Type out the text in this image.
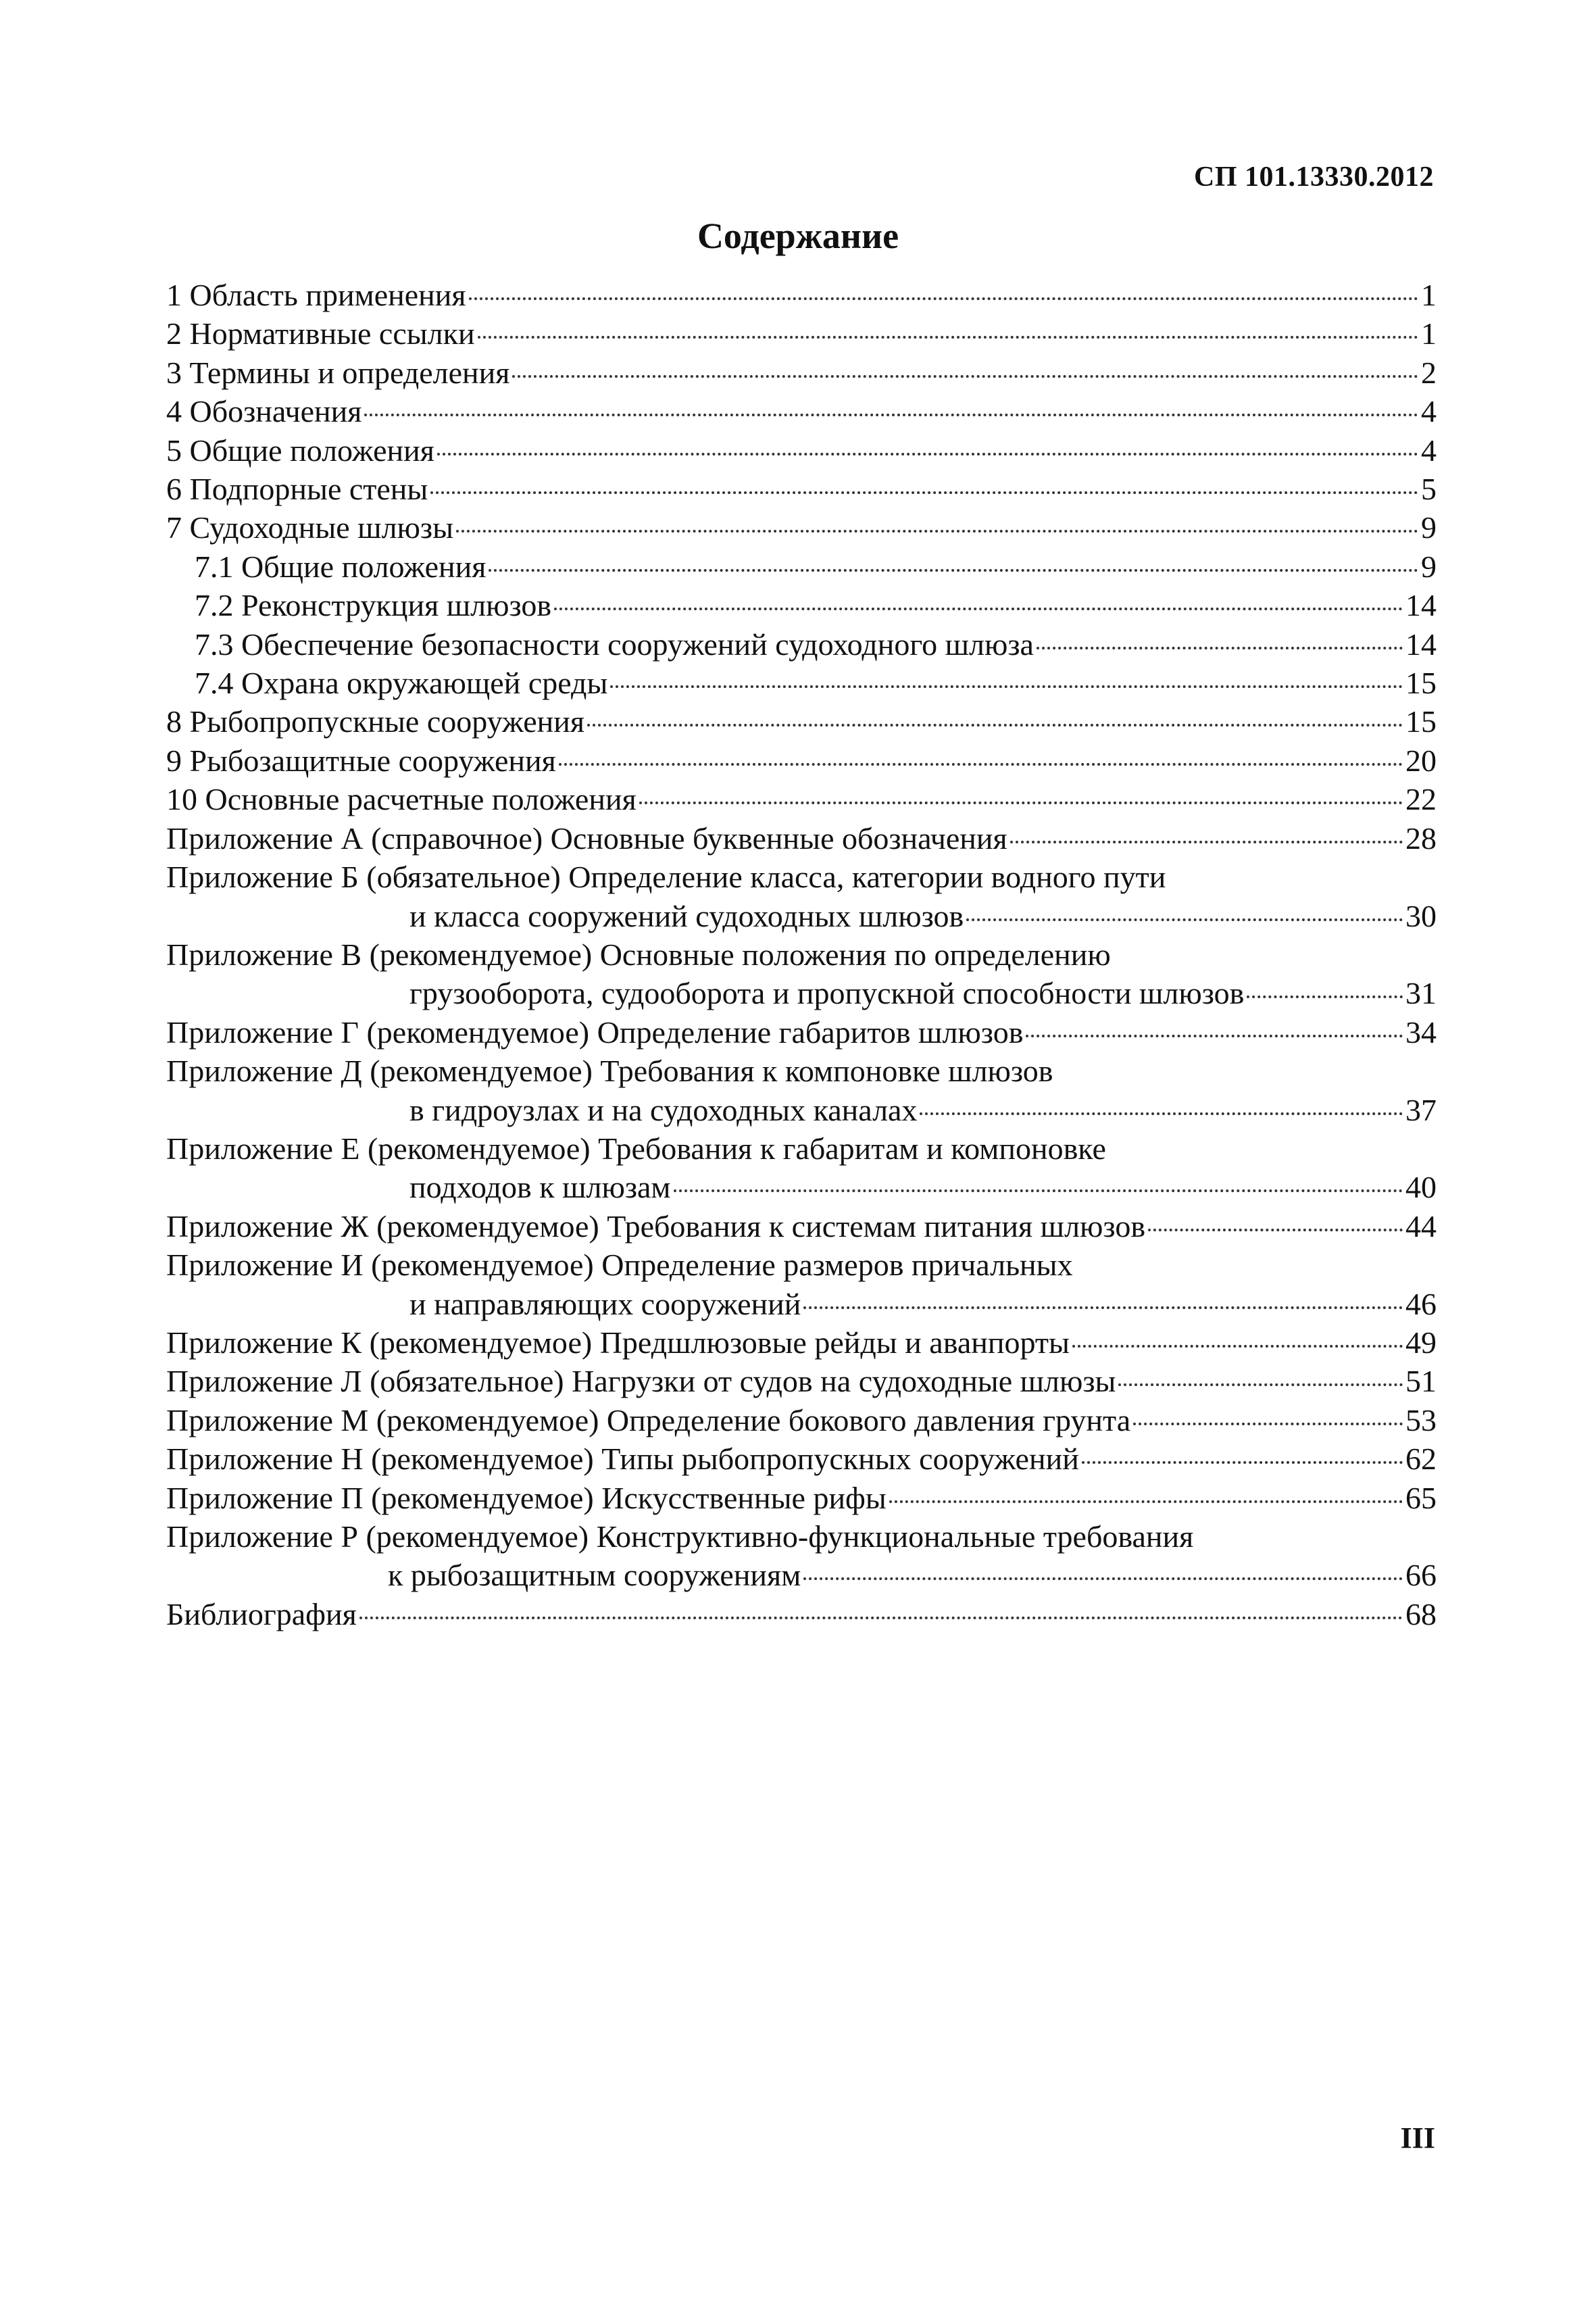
СП 101.13330.2012
Содержание
1 Область применения	1
2 Нормативные ссылки	1
3 Термины и определения	2
4 Обозначения	4
5 Общие положения	4
6 Подпорные стены	5
7 Судоходные шлюзы	9
7.1 Общие положения	9
7.2 Реконструкция шлюзов	14
7.3 Обеспечение безопасности сооружений судоходного шлюза	14
7.4 Охрана окружающей среды	15
8 Рыбопропускные сооружения	15
9 Рыбозащитные сооружения	20
10 Основные расчетные положения	22
Приложение А (справочное) Основные буквенные обозначения	28
Приложение Б (обязательное) Определение класса, категории водного пути
и класса сооружений судоходных шлюзов	30
Приложение В (рекомендуемое) Основные положения по определению
грузооборота, судооборота и пропускной способности шлюзов	31
Приложение Г (рекомендуемое) Определение габаритов шлюзов	34
Приложение Д (рекомендуемое) Требования к компоновке шлюзов
в гидроузлах и на судоходных каналах	37
Приложение Е (рекомендуемое) Требования к габаритам и компоновке
подходов к шлюзам	40
Приложение Ж (рекомендуемое) Требования к системам питания шлюзов	44
Приложение И (рекомендуемое) Определение размеров причальных
и направляющих сооружений	46
Приложение К (рекомендуемое) Предшлюзовые рейды и аванпорты	49
Приложение Л (обязательное) Нагрузки от судов на судоходные шлюзы	51
Приложение М (рекомендуемое) Определение бокового давления грунта	53
Приложение Н (рекомендуемое) Типы рыбопропускных сооружений	62
Приложение П (рекомендуемое) Искусственные рифы	65
Приложение Р (рекомендуемое) Конструктивно-функциональные требования
к рыбозащитным сооружениям	66
Библиография	68
III
